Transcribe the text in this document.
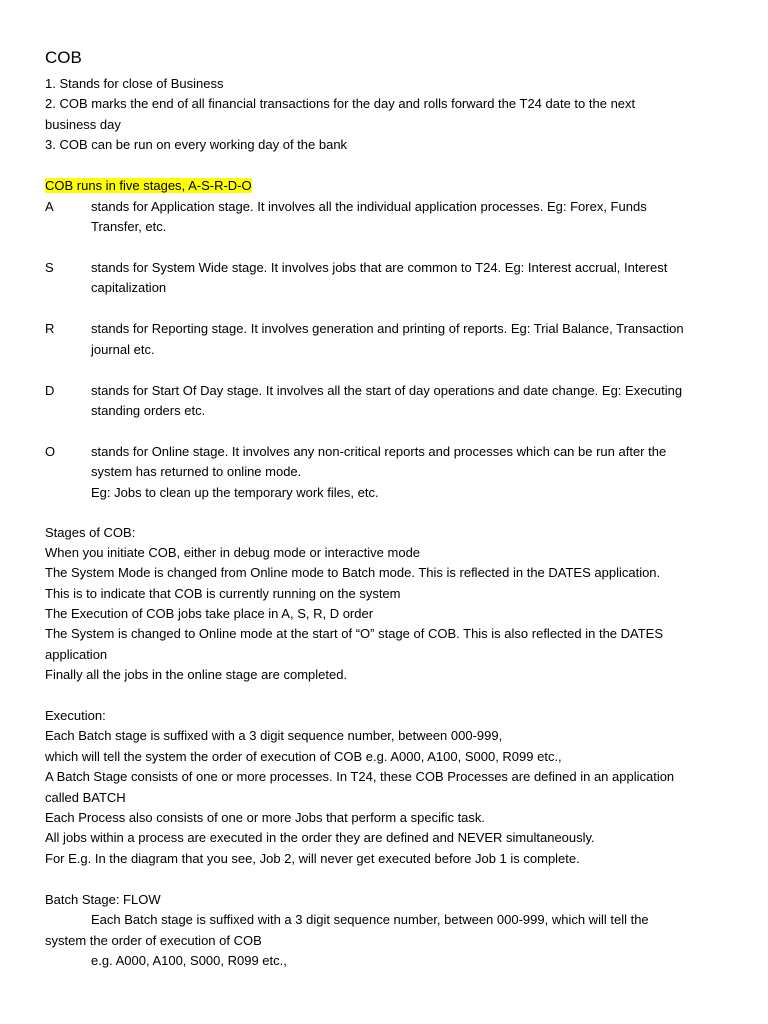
COB
1. Stands for close of Business
2. COB marks the end of all financial transactions for the day and rolls forward the T24 date to the next
business day
3. COB can be run on every working day of the bank
COB runs in five stages, A-S-R-D-O
A	stands for Application stage. It involves all the individual application processes. Eg: Forex, Funds
Transfer, etc.
S	stands for System Wide stage. It involves jobs that are common to T24. Eg: Interest accrual, Interest
capitalization
R	stands for Reporting stage. It involves generation and printing of reports. Eg: Trial Balance, Transaction
journal etc.
D	stands for Start Of Day stage. It involves all the start of day operations and date change. Eg: Executing
standing orders etc.
O	stands for Online stage. It involves any non-critical reports and processes which can be run after the
system has returned to online mode.
Eg: Jobs to clean up the temporary work files, etc.
Stages of COB:
When you initiate COB, either in debug mode or interactive mode
The System Mode is changed from Online mode to Batch mode. This is reflected in the DATES application.
This is to indicate that COB is currently running on the system
The Execution of COB jobs take place in A, S, R, D order
The System is changed to Online mode at the start of “O” stage of COB. This is also reflected in the DATES
application
Finally all the jobs in the online stage are completed.
Execution:
Each Batch stage is suffixed with a 3 digit sequence number, between 000-999,
which will tell the system the order of execution of COB e.g. A000, A100, S000, R099 etc.,
A Batch Stage consists of one or more processes. In T24, these COB Processes are defined in an application
called BATCH
Each Process also consists of one or more Jobs that perform a specific task.
All jobs within a process are executed in the order they are defined and NEVER simultaneously.
For E.g. In the diagram that you see, Job 2, will never get executed before Job 1 is complete.
Batch Stage: FLOW
Each Batch stage is suffixed with a 3 digit sequence number, between 000-999, which will tell the
system the order of execution of COB
e.g. A000, A100, S000, R099 etc.,
